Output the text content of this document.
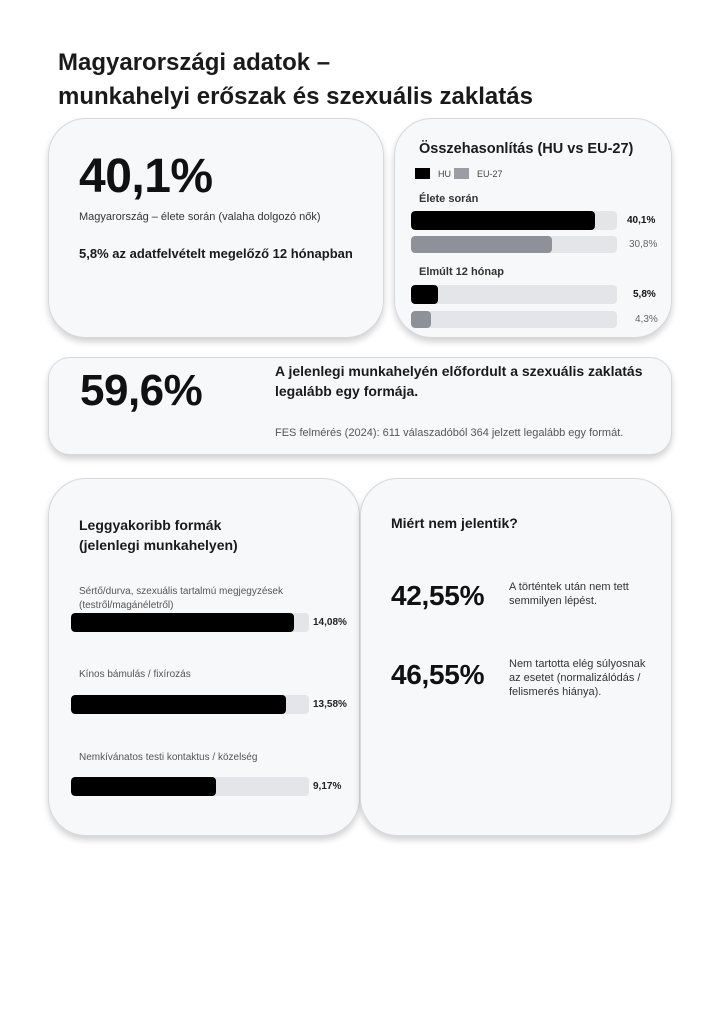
Magyarországi adatok –
munkahelyi erőszak és szexuális zaklatás
40,1%
Magyarország – élete során (valaha dolgozó nők)
5,8% az adatfelvételt megelőző 12 hónapban
Összehasonlítás (HU vs EU-27)
HU	EU-27
Élete során
40,1%
30,8%
Elmúlt 12 hónap
5,8%
4,3%
59,6%	A jelenlegi munkahelyén előfordult a szexuális zaklatás legalább egy formája.
FES felmérés (2024): 611 válaszadóból 364 jelzett legalább egy formát.
Leggyakoribb formák
(jelenlegi munkahelyen)
Sértő/durva, szexuális tartalmú megjegyzések (testről/magánéletről)
14,08%
Kínos bámulás / fixírozás
13,58%
Nemkívánatos testi kontaktus / közelség
9,17%
Miért nem jelentik?
42,55% A történtek után nem tett semmilyen lépést.
46,55% Nem tartotta elég súlyosnak az esetet (normalizálódás / felismerés hiánya).
